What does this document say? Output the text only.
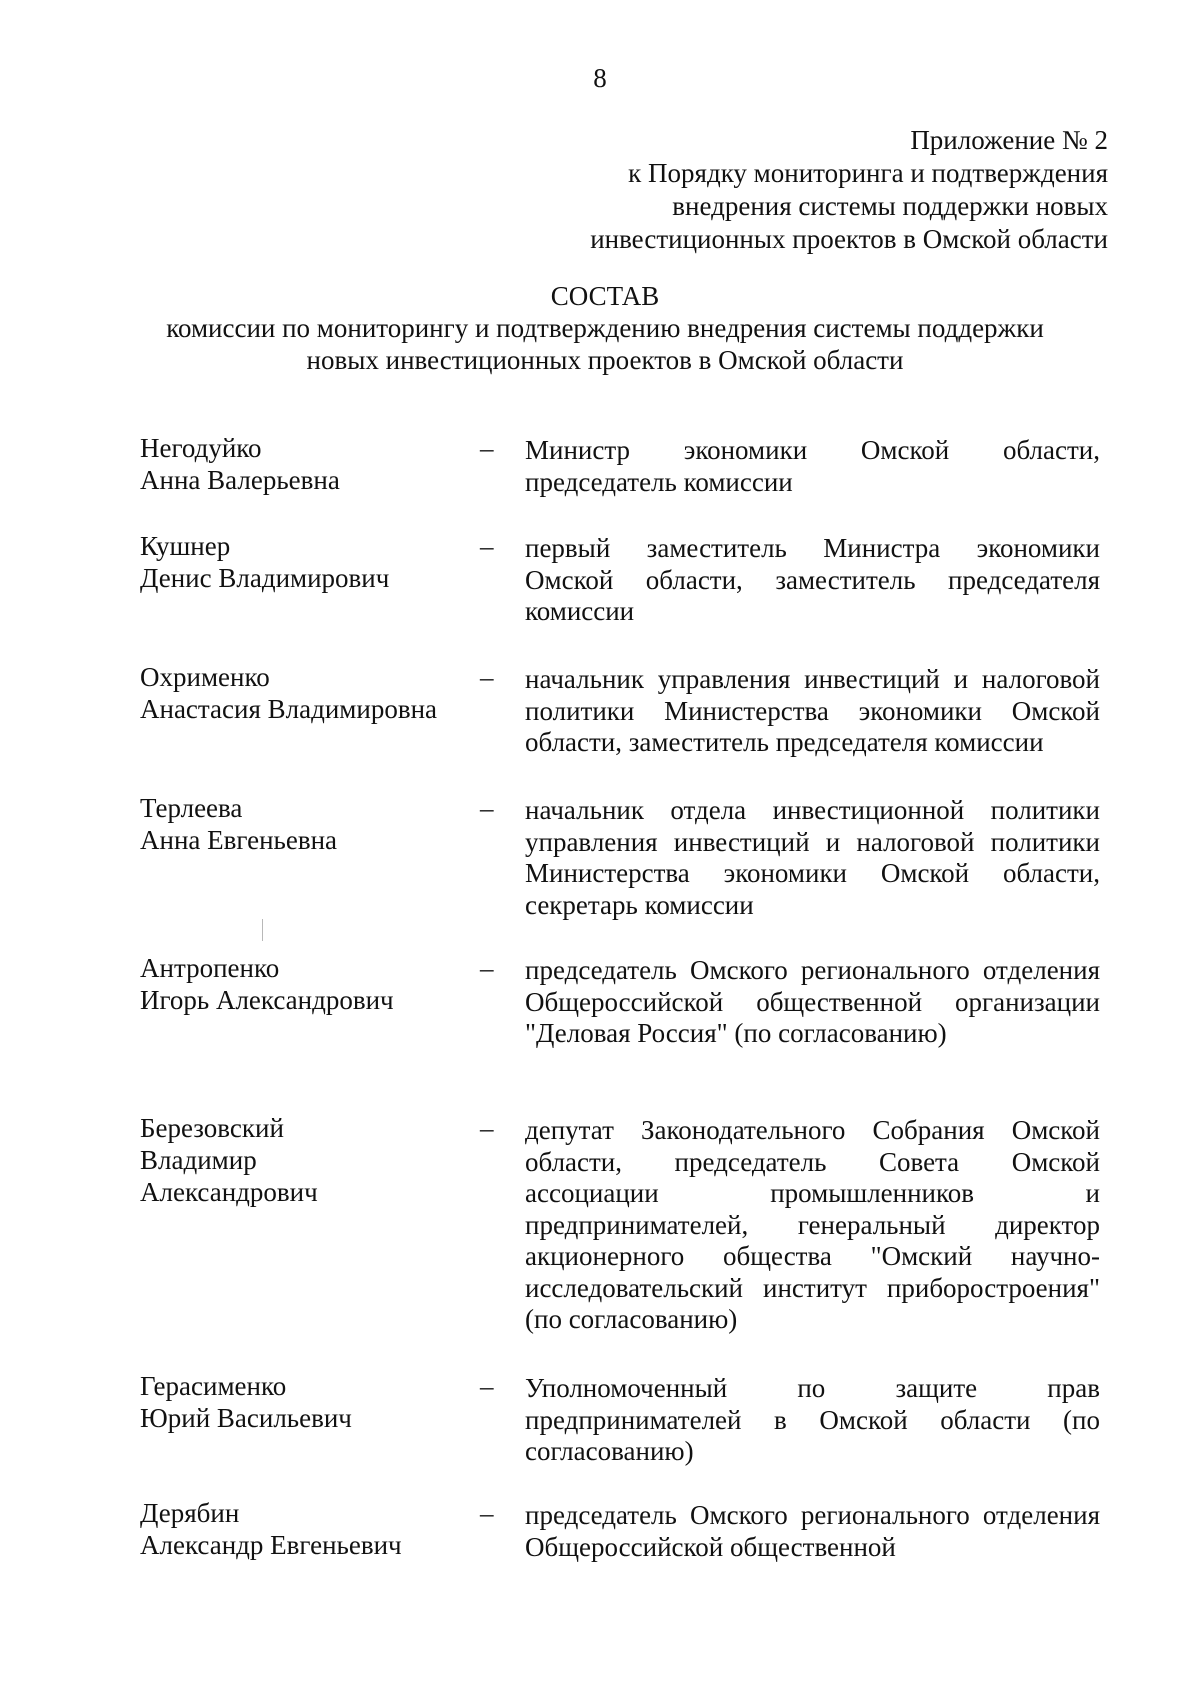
8
Приложение № 2
к Порядку мониторинга и подтверждения
внедрения системы поддержки новых
инвестиционных проектов в Омской области
СОСТАВ
комиссии по мониторингу и подтверждению внедрения системы поддержки
новых инвестиционных проектов в Омской области
Негодуйко
Анна Валерьевна
– Министр экономики Омской области, председатель комиссии
Кушнер
Денис Владимирович
– первый заместитель Министра экономики Омской области, заместитель председателя комиссии
Охрименко
Анастасия Владимировна
– начальник управления инвестиций и налоговой политики Министерства экономики Омской области, заместитель председателя комиссии
Терлеева
Анна Евгеньевна
– начальник отдела инвестиционной политики управления инвестиций и налоговой политики Министерства экономики Омской области, секретарь комиссии
Антропенко
Игорь Александрович
– председатель Омского регионального отделения Общероссийской общественной организации "Деловая Россия" (по согласованию)
Березовский
Владимир
Александрович
– депутат Законодательного Собрания Омской области, председатель Совета Омской ассоциации промышленников и предпринимателей, генеральный директор акционерного общества "Омский научно-исследовательский институт приборостроения" (по согласованию)
Герасименко
Юрий Васильевич
– Уполномоченный по защите прав предпринимателей в Омской области (по согласованию)
Дерябин
Александр Евгеньевич
– председатель Омского регионального отделения Общероссийской общественной
